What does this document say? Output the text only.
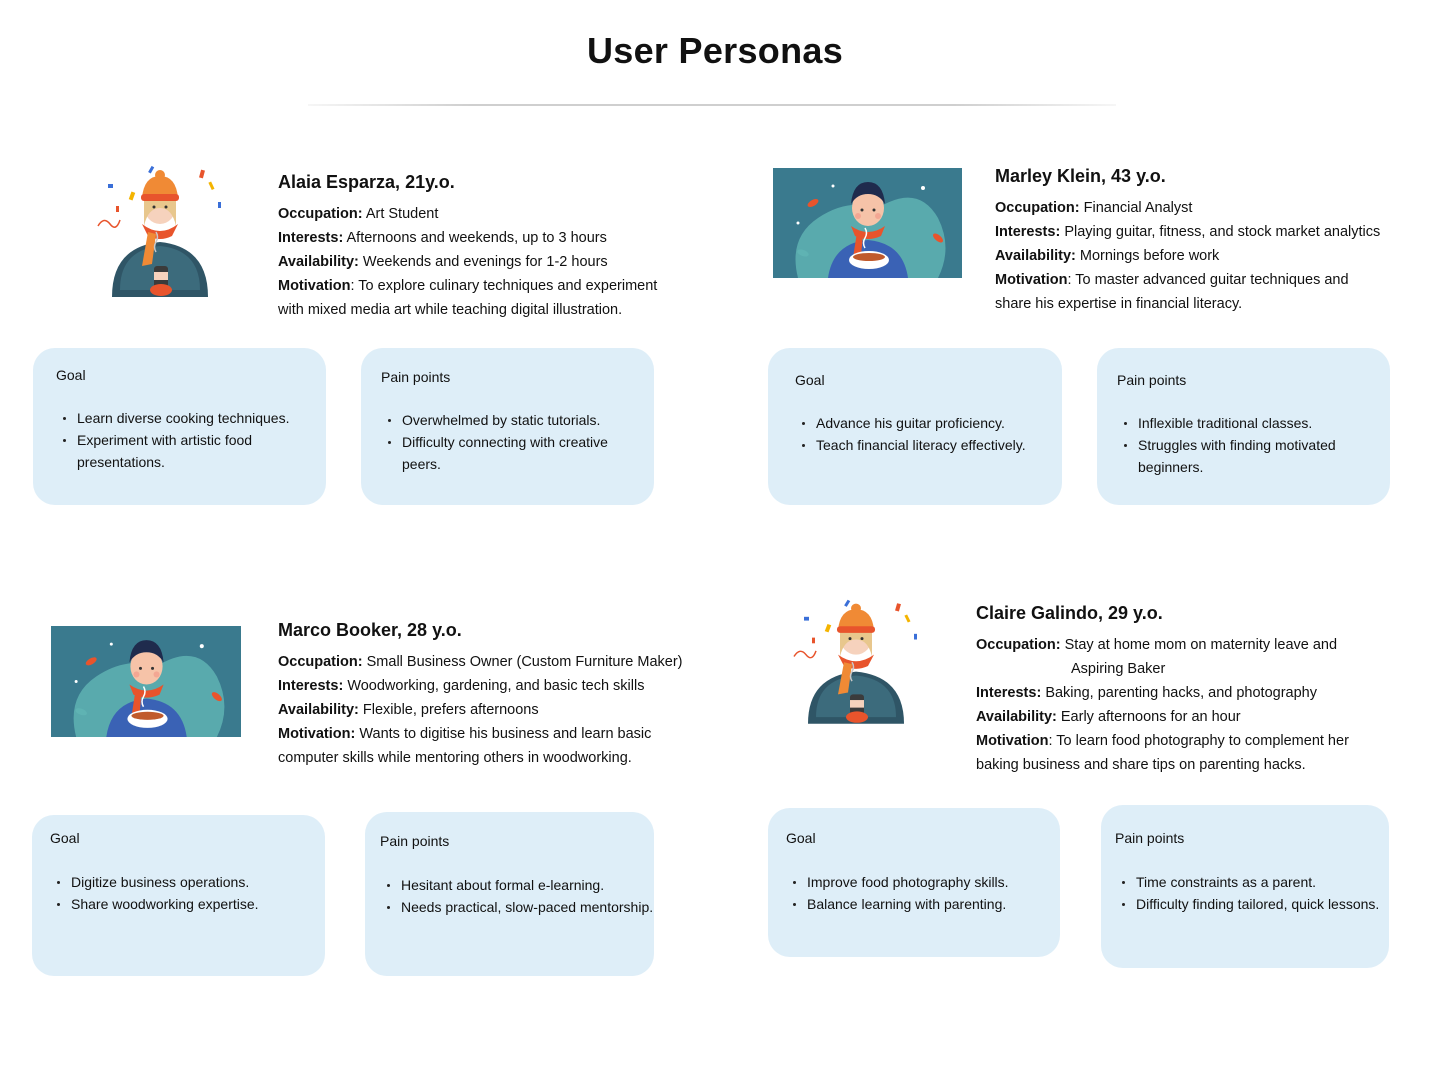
User Personas
Alaia Esparza, 21y.o.
Occupation: Art Student
Interests: Afternoons and weekends, up to 3 hours
Availability: Weekends and evenings for 1-2 hours
Motivation: To explore culinary techniques and experiment
with mixed media art while teaching digital illustration.
Goal
Learn diverse cooking techniques.
Experiment with artistic food
presentations.
Pain points
Overwhelmed by static tutorials.
Difficulty connecting with creative
peers.
Marley Klein, 43 y.o.
Occupation: Financial Analyst
Interests: Playing guitar, fitness, and stock market analytics
Availability: Mornings before work
Motivation: To master advanced guitar techniques and
share his expertise in financial literacy.
Goal
Advance his guitar proficiency.
Teach financial literacy effectively.
Pain points
Inflexible traditional classes.
Struggles with finding motivated
beginners.
Marco Booker, 28 y.o.
Occupation: Small Business Owner (Custom Furniture Maker)
Interests: Woodworking, gardening, and basic tech skills
Availability: Flexible, prefers afternoons
Motivation: Wants to digitise his business and learn basic
computer skills while mentoring others in woodworking.
Goal
Digitize business operations.
Share woodworking expertise.
Pain points
Hesitant about formal e-learning.
Needs practical, slow-paced mentorship.
Claire Galindo, 29 y.o.
Occupation: Stay at home mom on maternity leave and
Aspiring Baker
Interests: Baking, parenting hacks, and photography
Availability: Early afternoons for an hour
Motivation: To learn food photography to complement her
baking business and share tips on parenting hacks.
Goal
Improve food photography skills.
Balance learning with parenting.
Pain points
Time constraints as a parent.
Difficulty finding tailored, quick lessons.
